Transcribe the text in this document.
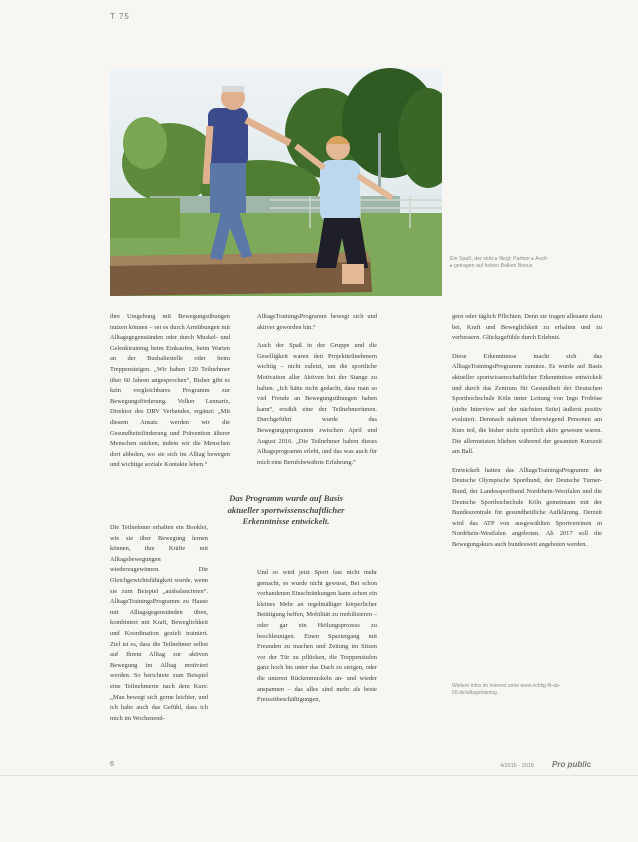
T 75
Ein Spaß, der stolz ▸ fliegt: Partner ▸ Auch ▸ getragen auf hohen Balken Bonus

ihre Umgebung mit Bewegungsübungen nutzen können – sei es durch Armübungen mit Alltagsgegenständen oder durch Muskel- und Gelenktraining beim Einkaufen, beim Warten an der Bushaltestelle oder beim Treppensteigen. „Wir haben 120 Teilnehmer über 60 Jahren angesprochen“, Bisher gibt es kein vergleichbares Programm zur Bewegungsförderung. Volker Lennartz, Direktor des DRV Verbandes, ergänzt: „Mit diesem Ansatz werden wir die Gesundheitsförderung und Prävention älterer Menschen stärken, indem wir die Menschen dort abholen, wo sie sich im Alltag bewegen und wichtige soziale Kontakte leben.“

Die Teilnehmer erhalten ein Booklet, wie sie über Bewegung lernen können, ihre Kräfte mit Alltagsbewegungen wiederzugewinnen. Die Gleichgewichtsfähigkeit wurde, wenn sie zum Beispiel „ausbalancieren“. AlltagsTrainingsProgramm zu Hause mit Alltagsgegenständen üben, kombiniert mit Kraft, Beweglichkeit und Koordination gezielt trainiert. Ziel ist es, dass die Teilnehmer selbst auf Ihrem Alltag zur aktiven Bewegung im Alltag motiviert werden. So berichtete zum Beispiel eine Teilnehmerin nach dem Kurs: „Man bewegt sich gerne leichter, und ich habe auch das Gefühl, dass ich mich im Wochenend-

AlltagsTrainingsProgramm bewegt sich und aktiver geworden bin.“

Auch der Spaß in der Gruppe und die Geselligkeit waren den Projektteilnehmern wichtig – nicht zuletzt, um die sportliche Motivation aller Aktiven bei der Stange zu halten. „Ich hätte nicht gedacht, dass man so viel Freude an Bewegungsübungen haben kann“, erzählt eine der Teilnehmerinnen. Durchgeführt wurde das Bewegungsprogramm zwischen April und August 2016. „Die Teilnehmer haben dieses Alltagsprogramm erlebt, und das was auch für mich eine Berufsbewährte Erfahrung.“

Und so wird jetzt Sport fast nicht mehr gemacht, es wurde nicht gewusst, Bei schon vorhandenen Einschränkungen kann schon ein kleines Mehr an regelmäßiger körperlicher Betätigung helfen, Mobilität zu mobilisieren – oder gar ein Heilungsprozess zu beschleunigen. Einen Spaziergang mit Freunden zu machen und Zeitung im Sitzen vor der Tür zu pflücken, die Treppenstufen ganz hoch bis unter das Dach zu steigen, oder die unteren Rückenmuskeln an- und wieder anspannen – das alles sind mehr als beste Freizeitbeschäftigungen,

Das Programm wurde auf Basis aktueller sportwissenschaftlicher Erkenntnisse entwickelt.

gern oder täglich Pflichten. Denn sie tragen allesamt dazu bei, Kraft und Beweglichkeit zu erhalten und zu verbessern. Glücksgefühle durch Erlebnis.

Diese Erkenntnisse macht sich das AlltagsTrainingsProgramm zunutze. Es wurde auf Basis aktueller sportwissenschaftlicher Erkenntnisse entwickelt und durch das Zentrum für Gesundheit der Deutschen Sporthochschule Köln unter Leitung von Ingo Froböse (siehe Interview auf der nächsten Seite) äußerst positiv evaluiert. Demnach nahmen überwiegend Personen am Kurs teil, die bisher nicht sportlich aktiv gewesen waren. Die allermeisten blieben während der gesamten Kurszeit am Ball.

Entwickelt hatten das AlltagsTrainingsProgramm der Deutsche Olympische Sportbund, der Deutsche Turner-Bund, der Landessportbund Nordrhein-Westfalen und die Deutsche Sporthochschule Köln gemeinsam mit der Bundeszentrale für gesundheitliche Aufklärung. Derzeit wird das ATP von ausgewählten Sportvereinen in Nordrhein-Westfalen angeboten. Ab 2017 soll die Bewegungskurs auch bundesweit angeboten werden.

Weitere Infos im Internet unter www.richtig-fit-ab-50.de/alltagstraining
6	4/2016 · 2016 Pro public
